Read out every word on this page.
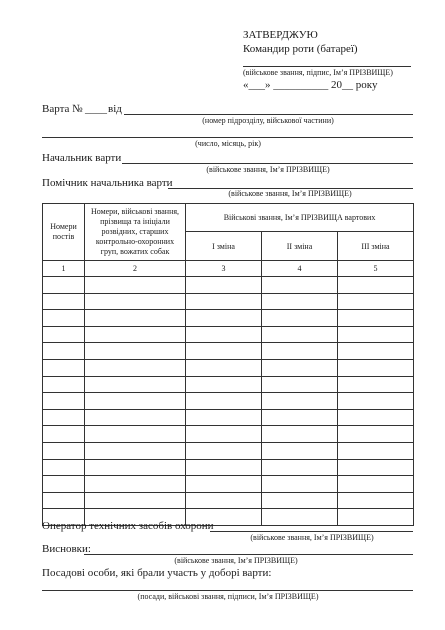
ЗАТВЕРДЖУЮ
Командир роти (батареї)
(військове звання, підпис, Ім’я ПРІЗВИЩЕ)
«___» __________ 20__ року
Варта № ____ від
(номер підрозділу, військової частини)
(число, місяць, рік)
Начальник варти
(військове звання, Ім’я ПРІЗВИЩЕ)
Помічник начальника варти
(військове звання, Ім’я ПРІЗВИЩЕ)
Номери постів	Номери, військові звання, прізвища та ініціали розвідних, старших контрольно-охоронних груп, вожатих собак	Військові звання, Ім’я ПРІЗВИЩА вартових		
		I зміна	II зміна	III зміна
1	2	3	4	5

Оператор технічних засобів охорони
(військове звання, Ім’я ПРІЗВИЩЕ)
Висновки:
(військове звання, Ім’я ПРІЗВИЩЕ)
Посадові особи, які брали участь у доборі варти:
(посади, військові звання, підписи, Ім’я ПРІЗВИЩЕ)
